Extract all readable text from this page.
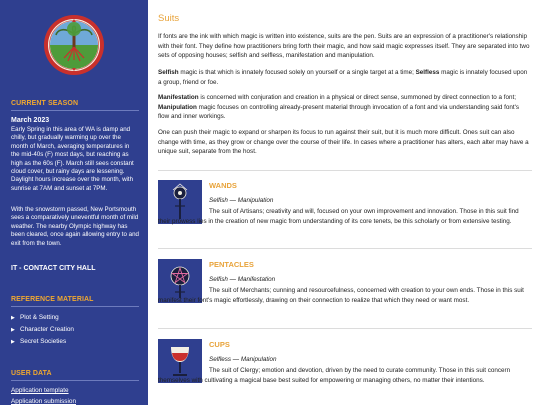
CURRENT SEASON
March 2023
Early Spring in this area of WA is damp and chilly, but gradually warming up over the month of March, averaging temperatures in the mid-40s (F) most days, but reaching as high as the 60s (F). March still sees constant cloud cover, but rainy days are lessening. Daylight hours increase over the month, with sunrise at 7AM and sunset at 7PM.
With the snowstorm passed, New Portsmouth sees a comparatively uneventful month of mild weather. The nearby Olympic highway has been cleared, once again allowing entry to and exit from the town.
IT - CONTACT CITY HALL
REFERENCE MATERIAL
▶ Plot & Setting
▶ Character Creation
▶ Secret Societies
USER DATA
Application template
Application submission
Suits

If fonts are the ink with which magic is written into existence, suits are the pen. Suits are an expression of a practitioner's relationship with their font. They define how practitioners bring forth their magic, and how said magic expresses itself. They are separated into two sets of opposing houses; selfish and selfless, manifestation and manipulation.

Selfish magic is that which is innately focused solely on yourself or a single target at a time; Selfless magic is innately focused upon a group, friend or foe.

Manifestation is concerned with conjuration and creation in a physical or direct sense, summoned by direct connection to a font; Manipulation magic focuses on controlling already-present material through invocation of a font and via understanding said font's flow and inner workings.

One can push their magic to expand or sharpen its focus to run against their suit, but it is much more difficult. Ones suit can also change with time, as they grow or change over the course of their life. In cases where a practitioner has alters, each alter may have a unique suit, separate from the host.

WANDS
Selfish — Manipulation

The suit of Artisans; creativity and will, focused on your own improvement and innovation. Those in this suit find their prowess lies in the creation of new magic from understanding of its core tenets, be this scholarly or from extensive testing.

PENTACLES
Selfish — Manifestation

The suit of Merchants; cunning and resourcefulness, concerned with creation to your own ends. Those in this suit manifest their font's magic effortlessly, drawing on their connection to realize that which they need or want most.

CUPS
Selfless — Manipulation

The suit of Clergy; emotion and devotion, driven by the need to curate community. Those in this suit concern themselves with cultivating a magical base best suited for empowering or managing others, no matter their intentions.
